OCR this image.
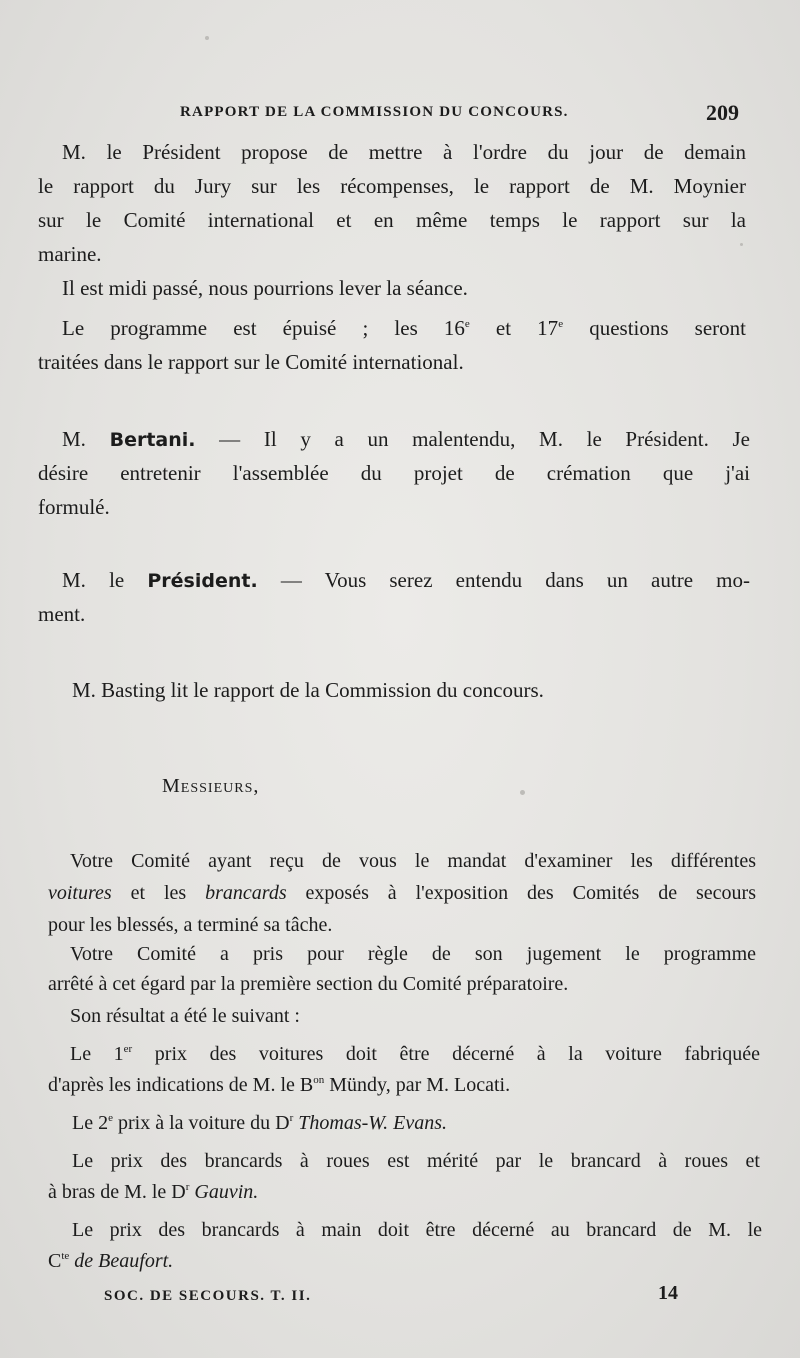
RAPPORT DE LA COMMISSION DU CONCOURS.	209
M. le Président propose de mettre à l'ordre du jour de demain
le rapport du Jury sur les récompenses, le rapport de M. Moynier
sur le Comité international et en même temps le rapport sur la
marine.
Il est midi passé, nous pourrions lever la séance.
Le programme est épuisé ; les 16e et 17e questions seront
traitées dans le rapport sur le Comité international.
M. Bertani. — Il y a un malentendu, M. le Président. Je
désire entretenir l'assemblée du projet de crémation que j'ai
formulé.
M. le Président. — Vous serez entendu dans un autre mo-
ment.
M. Basting lit le rapport de la Commission du concours.
Messieurs,
Votre Comité ayant reçu de vous le mandat d'examiner les différentes
voitures et les brancards exposés à l'exposition des Comités de secours
pour les blessés, a terminé sa tâche.
Votre Comité a pris pour règle de son jugement le programme
arrêté à cet égard par la première section du Comité préparatoire.
Son résultat a été le suivant :
Le 1er prix des voitures doit être décerné à la voiture fabriquée
d'après les indications de M. le $B^{on}$ Mündy, par M. Locati.
Le 2e prix à la voiture du $D^r$ Thomas-W. Evans.
Le prix des brancards à roues est mérité par le brancard à roues et
à bras de M. le $D^r$ Gauvin.
Le prix des brancards à main doit être décerné au brancard de M. le
$C^{te}$ de Beaufort.
SOC. DE SECOURS. T. II.	14
